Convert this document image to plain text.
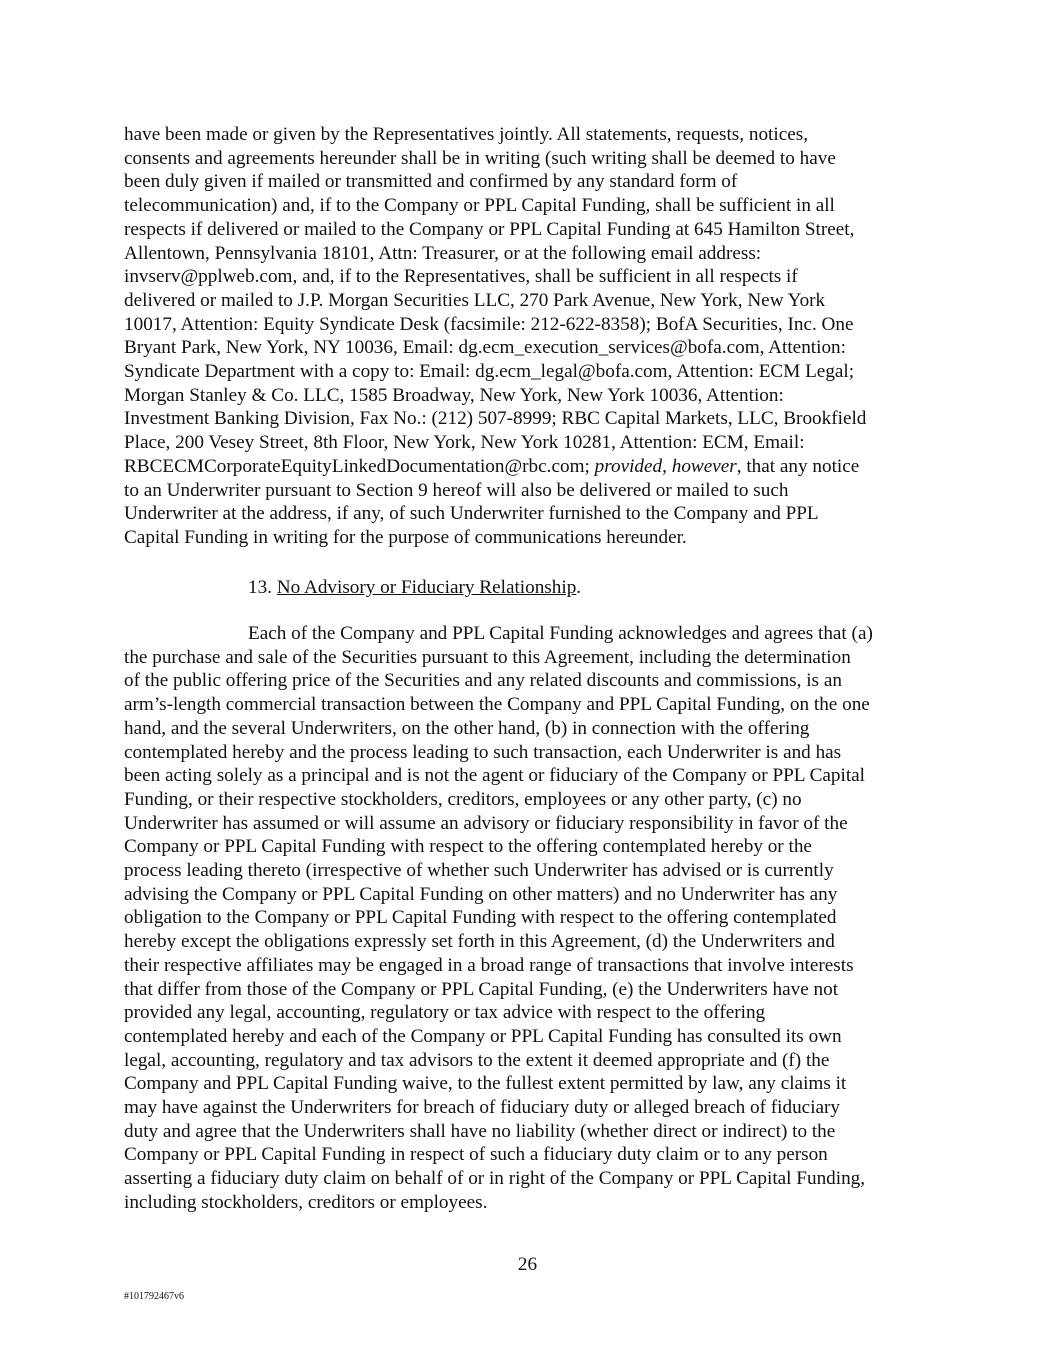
have been made or given by the Representatives jointly. All statements, requests, notices,
consents and agreements hereunder shall be in writing (such writing shall be deemed to have
been duly given if mailed or transmitted and confirmed by any standard form of
telecommunication) and, if to the Company or PPL Capital Funding, shall be sufficient in all
respects if delivered or mailed to the Company or PPL Capital Funding at 645 Hamilton Street,
Allentown, Pennsylvania 18101, Attn: Treasurer, or at the following email address:
invserv@pplweb.com, and, if to the Representatives, shall be sufficient in all respects if
delivered or mailed to J.P. Morgan Securities LLC, 270 Park Avenue, New York, New York
10017, Attention: Equity Syndicate Desk (facsimile: 212-622-8358); BofA Securities, Inc. One
Bryant Park, New York, NY 10036, Email: dg.ecm_execution_services@bofa.com, Attention:
Syndicate Department with a copy to: Email: dg.ecm_legal@bofa.com, Attention: ECM Legal;
Morgan Stanley & Co. LLC, 1585 Broadway, New York, New York 10036, Attention:
Investment Banking Division, Fax No.: (212) 507-8999; RBC Capital Markets, LLC, Brookfield
Place, 200 Vesey Street, 8th Floor, New York, New York 10281, Attention: ECM, Email:
RBCECMCorporateEquityLinkedDocumentation@rbc.com; provided, however, that any notice
to an Underwriter pursuant to Section 9 hereof will also be delivered or mailed to such
Underwriter at the address, if any, of such Underwriter furnished to the Company and PPL
Capital Funding in writing for the purpose of communications hereunder.
13. No Advisory or Fiduciary Relationship.
Each of the Company and PPL Capital Funding acknowledges and agrees that (a)
the purchase and sale of the Securities pursuant to this Agreement, including the determination
of the public offering price of the Securities and any related discounts and commissions, is an
arm’s-length commercial transaction between the Company and PPL Capital Funding, on the one
hand, and the several Underwriters, on the other hand, (b) in connection with the offering
contemplated hereby and the process leading to such transaction, each Underwriter is and has
been acting solely as a principal and is not the agent or fiduciary of the Company or PPL Capital
Funding, or their respective stockholders, creditors, employees or any other party, (c) no
Underwriter has assumed or will assume an advisory or fiduciary responsibility in favor of the
Company or PPL Capital Funding with respect to the offering contemplated hereby or the
process leading thereto (irrespective of whether such Underwriter has advised or is currently
advising the Company or PPL Capital Funding on other matters) and no Underwriter has any
obligation to the Company or PPL Capital Funding with respect to the offering contemplated
hereby except the obligations expressly set forth in this Agreement, (d) the Underwriters and
their respective affiliates may be engaged in a broad range of transactions that involve interests
that differ from those of the Company or PPL Capital Funding, (e) the Underwriters have not
provided any legal, accounting, regulatory or tax advice with respect to the offering
contemplated hereby and each of the Company or PPL Capital Funding has consulted its own
legal, accounting, regulatory and tax advisors to the extent it deemed appropriate and (f) the
Company and PPL Capital Funding waive, to the fullest extent permitted by law, any claims it
may have against the Underwriters for breach of fiduciary duty or alleged breach of fiduciary
duty and agree that the Underwriters shall have no liability (whether direct or indirect) to the
Company or PPL Capital Funding in respect of such a fiduciary duty claim or to any person
asserting a fiduciary duty claim on behalf of or in right of the Company or PPL Capital Funding,
including stockholders, creditors or employees.
26
#101792467v6
